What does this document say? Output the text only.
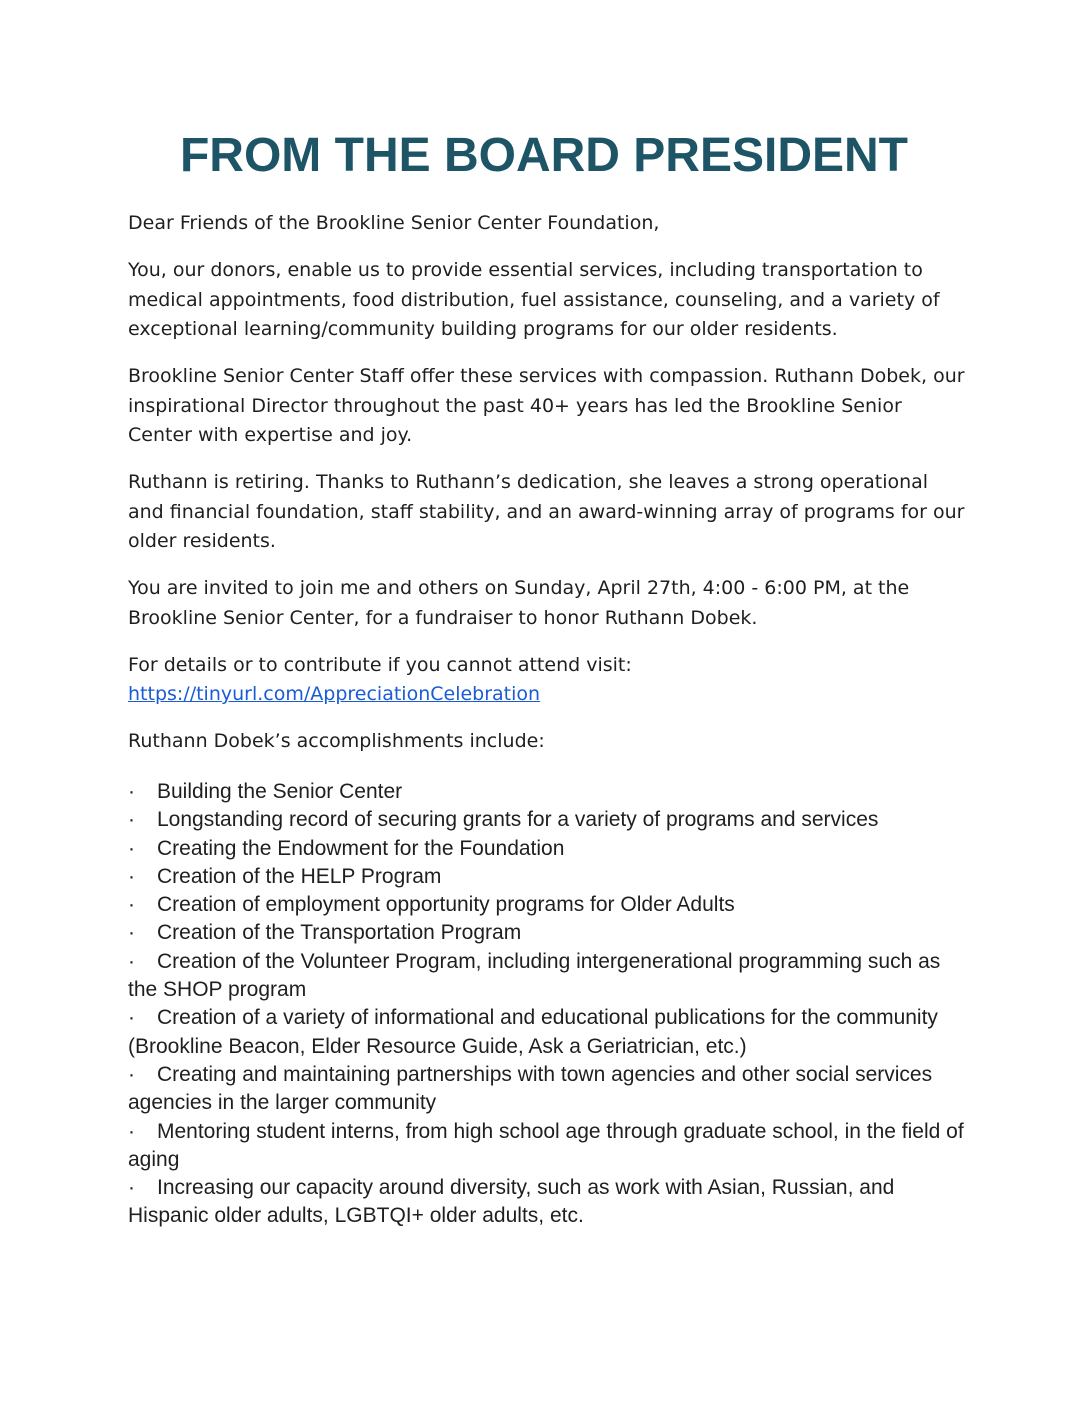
FROM THE BOARD PRESIDENT

Dear Friends of the Brookline Senior Center Foundation,

You, our donors, enable us to provide essential services, including transportation to medical appointments, food distribution, fuel assistance, counseling, and a variety of exceptional learning/community building programs for our older residents.

Brookline Senior Center Staff offer these services with compassion. Ruthann Dobek, our inspirational Director throughout the past 40+ years has led the Brookline Senior Center with expertise and joy.

Ruthann is retiring. Thanks to Ruthann’s dedication, she leaves a strong operational and financial foundation, staff stability, and an award-winning array of programs for our older residents.

You are invited to join me and others on Sunday, April 27th, 4:00 - 6:00 PM, at the Brookline Senior Center, for a fundraiser to honor Ruthann Dobek.

For details or to contribute if you cannot attend visit:
https://tinyurl.com/AppreciationCelebration

Ruthann Dobek’s accomplishments include:

· Building the Senior Center
· Longstanding record of securing grants for a variety of programs and services
· Creating the Endowment for the Foundation
· Creation of the HELP Program
· Creation of employment opportunity programs for Older Adults
· Creation of the Transportation Program
· Creation of the Volunteer Program, including intergenerational programming such as the SHOP program
· Creation of a variety of informational and educational publications for the community (Brookline Beacon, Elder Resource Guide, Ask a Geriatrician, etc.)
· Creating and maintaining partnerships with town agencies and other social services agencies in the larger community
· Mentoring student interns, from high school age through graduate school, in the field of aging
· Increasing our capacity around diversity, such as work with Asian, Russian, and Hispanic older adults, LGBTQI+ older adults, etc.
